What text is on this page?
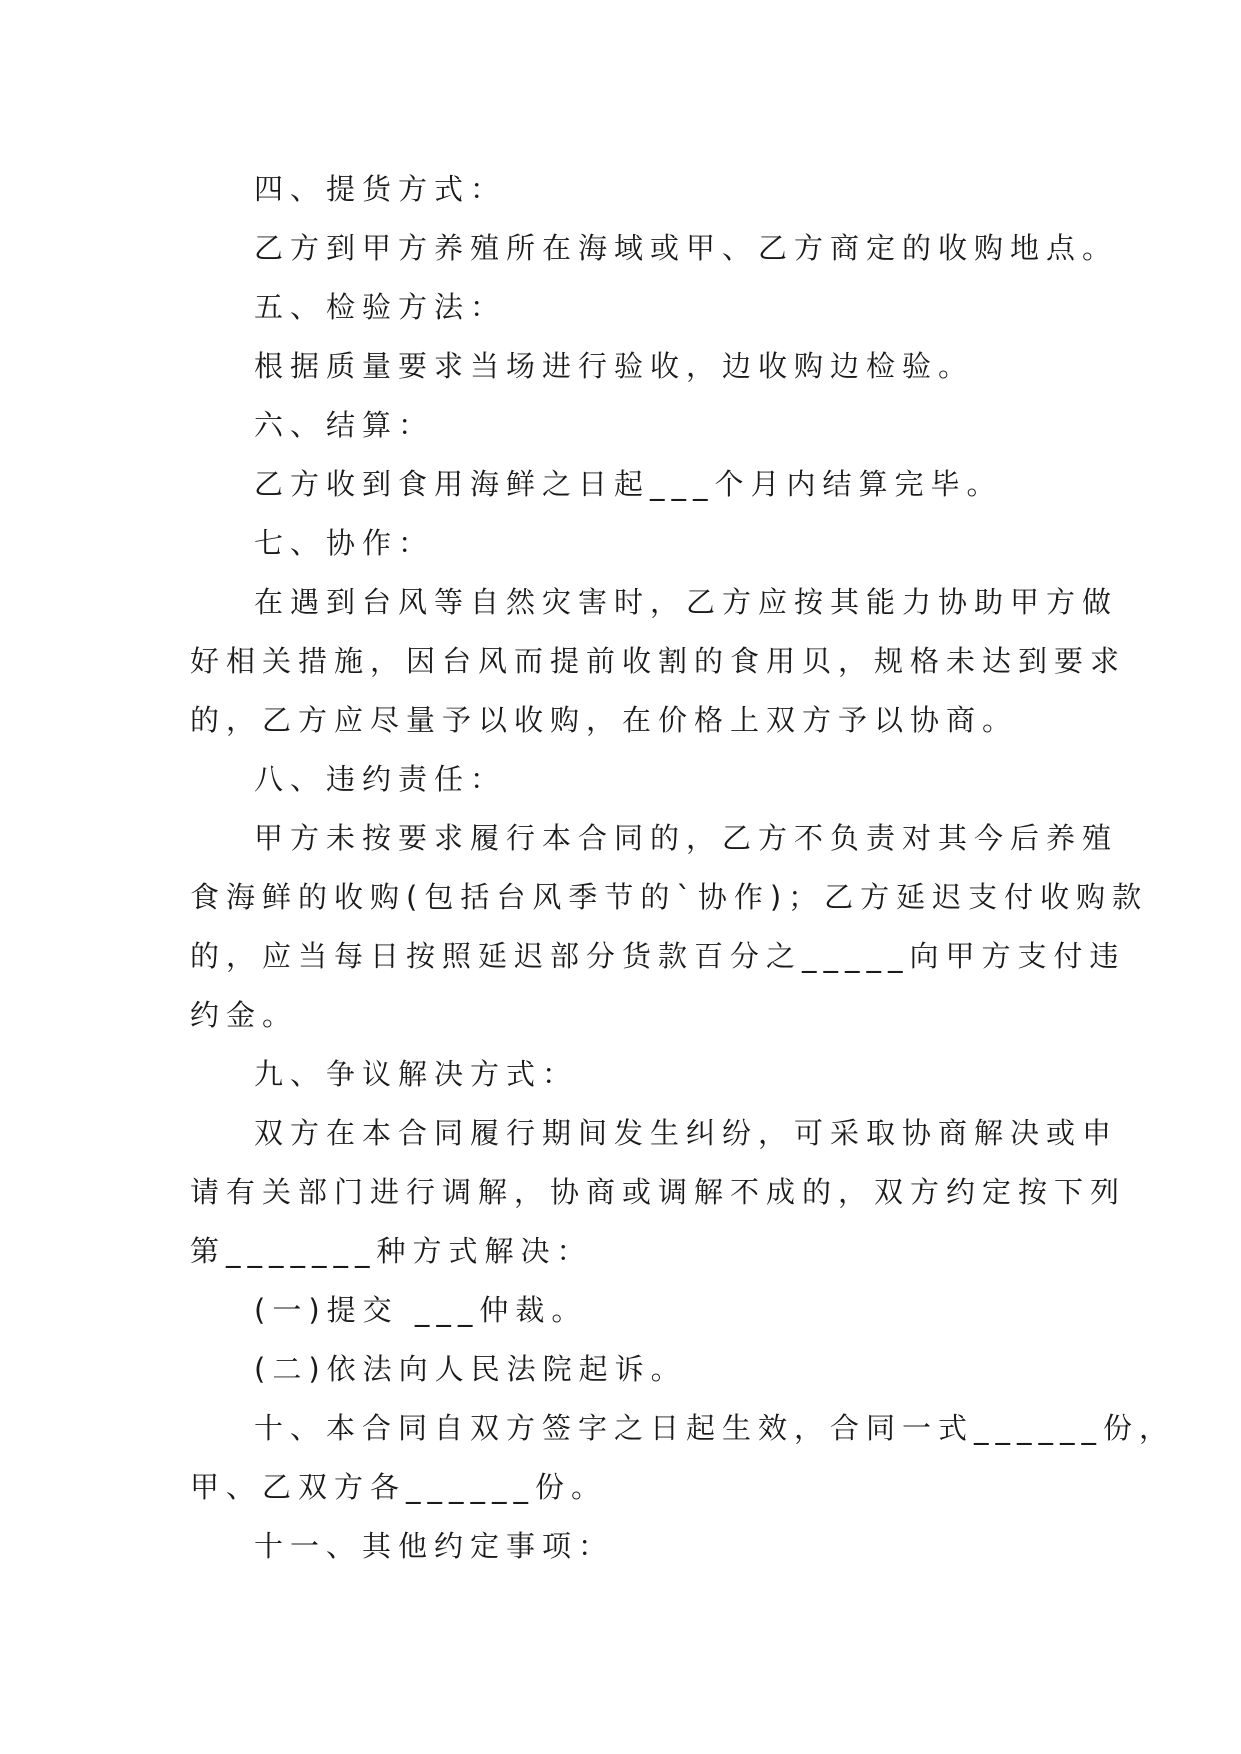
四、提货方式：
乙方到甲方养殖所在海域或甲、乙方商定的收购地点。
五、检验方法：
根据质量要求当场进行验收，边收购边检验。
六、结算：
乙方收到食用海鲜之日起___个月内结算完毕。
七、协作：
在遇到台风等自然灾害时，乙方应按其能力协助甲方做
好相关措施，因台风而提前收割的食用贝，规格未达到要求
的，乙方应尽量予以收购，在价格上双方予以协商。
八、违约责任：
甲方未按要求履行本合同的，乙方不负责对其今后养殖
食海鲜的收购(包括台风季节的`协作)；乙方延迟支付收购款
的，应当每日按照延迟部分货款百分之_____向甲方支付违
约金。
九、争议解决方式：
双方在本合同履行期间发生纠纷，可采取协商解决或申
请有关部门进行调解，协商或调解不成的，双方约定按下列
第_______种方式解决：
(一)提交 ___仲裁。
(二)依法向人民法院起诉。
十、本合同自双方签字之日起生效，合同一式______份，
甲、乙双方各______份。
十一、其他约定事项：
